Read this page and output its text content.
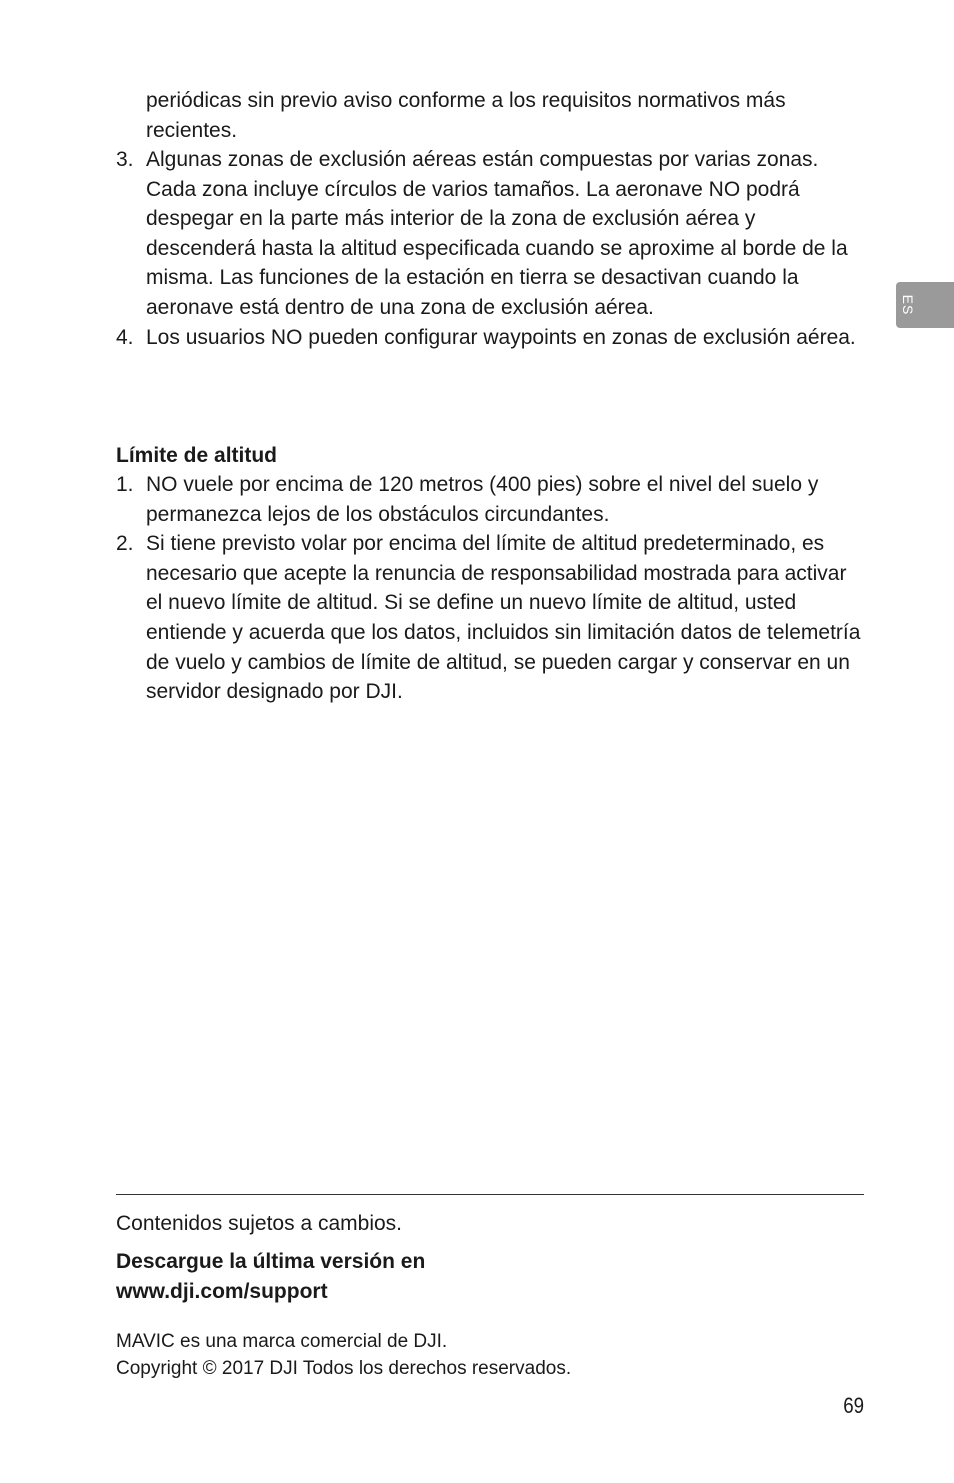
ES
periódicas sin previo aviso conforme a los requisitos normativos más recientes.
3. Algunas zonas de exclusión aéreas están compuestas por varias zonas. Cada zona incluye círculos de varios tamaños. La aeronave NO podrá despegar en la parte más interior de la zona de exclusión aérea y descenderá hasta la altitud especificada cuando se aproxime al borde de la misma. Las funciones de la estación en tierra se desactivan cuando la aeronave está dentro de una zona de exclusión aérea.
4. Los usuarios NO pueden configurar waypoints en zonas de exclusión aérea.
Límite de altitud
1. NO vuele por encima de 120 metros (400 pies) sobre el nivel del suelo y permanezca lejos de los obstáculos circundantes.
2. Si tiene previsto volar por encima del límite de altitud predeterminado, es necesario que acepte la renuncia de responsabilidad mostrada para activar el nuevo límite de altitud. Si se define un nuevo límite de altitud, usted entiende y acuerda que los datos, incluidos sin limitación datos de telemetría de vuelo y cambios de límite de altitud, se pueden cargar y conservar en un servidor designado por DJI.
Contenidos sujetos a cambios.

Descargue la última versión en
www.dji.com/support

MAVIC es una marca comercial de DJI.
Copyright © 2017 DJI Todos los derechos reservados.

69
